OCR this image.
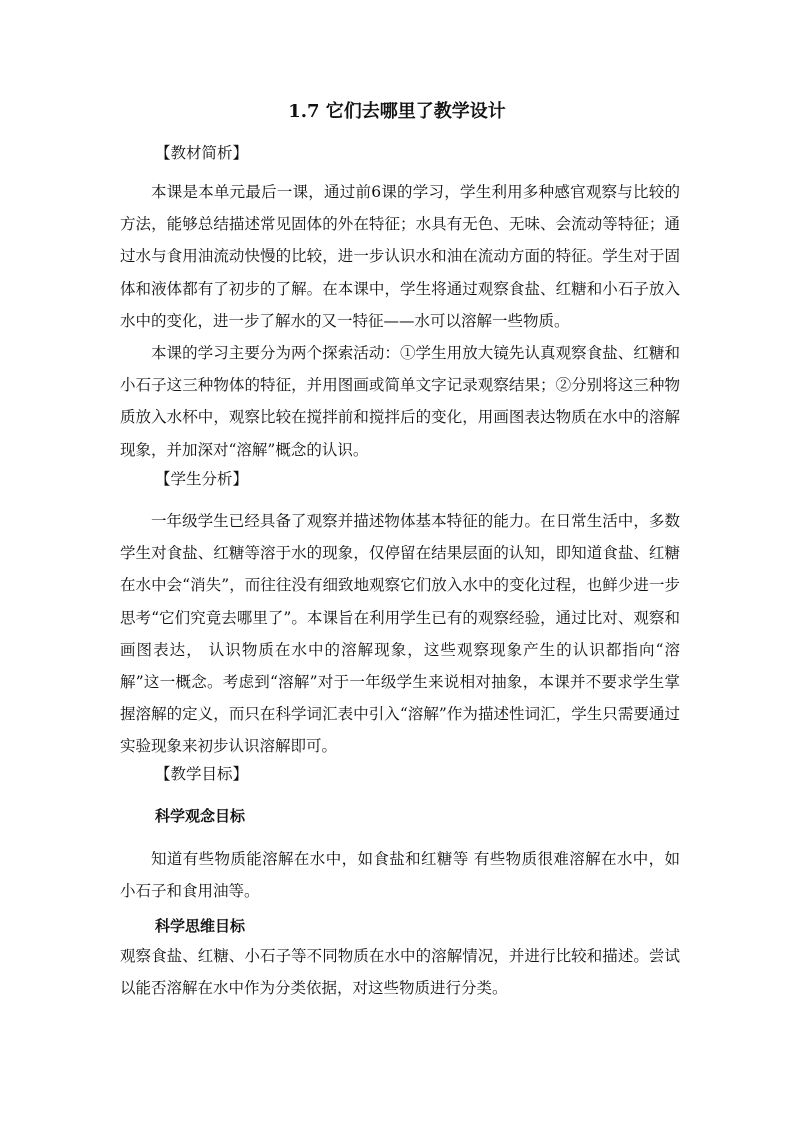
1.7 它们去哪里了教学设计
【教材简析】

本课是本单元最后一课，通过前6课的学习，学生利用多种感官观察与比较的方法，能够总结描述常见固体的外在特征；水具有无色、无味、会流动等特征；通过水与食用油流动快慢的比较，进一步认识水和油在流动方面的特征。学生对于固体和液体都有了初步的了解。在本课中，学生将通过观察食盐、红糖和小石子放入水中的变化，进一步了解水的又一特征——水可以溶解一些物质。

本课的学习主要分为两个探索活动：①学生用放大镜先认真观察食盐、红糖和小石子这三种物体的特征，并用图画或简单文字记录观察结果；②分别将这三种物质放入水杯中，观察比较在搅拌前和搅拌后的变化，用画图表达物质在水中的溶解现象，并加深对“溶解”概念的认识。

【学生分析】

一年级学生已经具备了观察并描述物体基本特征的能力。在日常生活中，多数学生对食盐、红糖等溶于水的现象，仅停留在结果层面的认知，即知道食盐、红糖在水中会“消失”，而往往没有细致地观察它们放入水中的变化过程，也鲜少进一步思考“它们究竟去哪里了”。本课旨在利用学生已有的观察经验，通过比对、观察和画图表达， 认识物质在水中的溶解现象，这些观察现象产生的认识都指向“溶解”这一概念。考虑到“溶解”对于一年级学生来说相对抽象，本课并不要求学生掌握溶解的定义，而只在科学词汇表中引入“溶解”作为描述性词汇，学生只需要通过实验现象来初步认识溶解即可。

【教学目标】
科学观念目标

知道有些物质能溶解在水中，如食盐和红糖等 有些物质很难溶解在水中，如小石子和食用油等。

科学思维目标

观察食盐、红糖、小石子等不同物质在水中的溶解情况，并进行比较和描述。尝试以能否溶解在水中作为分类依据，对这些物质进行分类。
